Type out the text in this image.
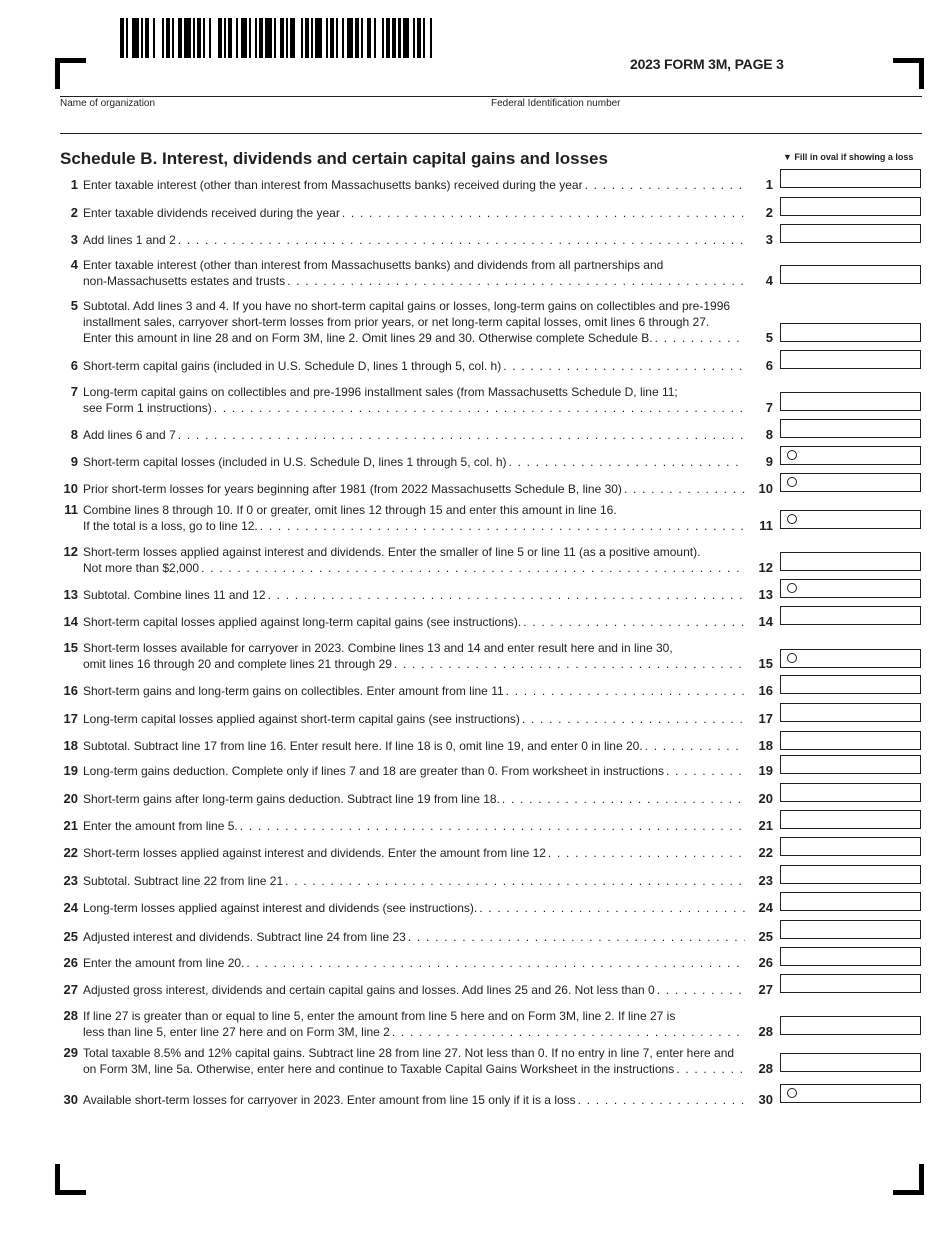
2023 FORM 3M, PAGE 3
Name of organization	Federal Identification number
Schedule B. Interest, dividends and certain capital gains and losses	▼ Fill in oval if showing a loss
1 Enter taxable interest (other than interest from Massachusetts banks) received during the year . . .	1
2 Enter taxable dividends received during the year . . .	2
3 Add lines 1 and 2 . . .	3
4 Enter taxable interest (other than interest from Massachusetts banks) and dividends from all partnerships and
non-Massachusetts estates and trusts . . .	4
5 Subtotal. Add lines 3 and 4. If you have no short-term capital gains or losses, long-term gains on collectibles and pre-1996
installment sales, carryover short-term losses from prior years, or net long-term capital losses, omit lines 6 through 27.
Enter this amount in line 28 and on Form 3M, line 2. Omit lines 29 and 30. Otherwise complete Schedule B. . . .	5
6 Short-term capital gains (included in U.S. Schedule D, lines 1 through 5, col. h) . . .	6
7 Long-term capital gains on collectibles and pre-1996 installment sales (from Massachusetts Schedule D, line 11;
see Form 1 instructions) . . .	7
8 Add lines 6 and 7 . . .	8
9 Short-term capital losses (included in U.S. Schedule D, lines 1 through 5, col. h) . . .	9
10 Prior short-term losses for years beginning after 1981 (from 2022 Massachusetts Schedule B, line 30) . . .	10
11 Combine lines 8 through 10. If 0 or greater, omit lines 12 through 15 and enter this amount in line 16.
If the total is a loss, go to line 12. . . .	11
12 Short-term losses applied against interest and dividends. Enter the smaller of line 5 or line 11 (as a positive amount).
Not more than $2,000 . . .	12
13 Subtotal. Combine lines 11 and 12 . . .	13
14 Short-term capital losses applied against long-term capital gains (see instructions). . . .	14
15 Short-term losses available for carryover in 2023. Combine lines 13 and 14 and enter result here and in line 30,
omit lines 16 through 20 and complete lines 21 through 29 . . .	15
16 Short-term gains and long-term gains on collectibles. Enter amount from line 11 . . .	16
17 Long-term capital losses applied against short-term capital gains (see instructions) . . .	17
18 Subtotal. Subtract line 17 from line 16. Enter result here. If line 18 is 0, omit line 19, and enter 0 in line 20. . . .	18
19 Long-term gains deduction. Complete only if lines 7 and 18 are greater than 0. From worksheet in instructions . . .	19
20 Short-term gains after long-term gains deduction. Subtract line 19 from line 18. . . .	20
21 Enter the amount from line 5. . . .	21
22 Short-term losses applied against interest and dividends. Enter the amount from line 12 . . .	22
23 Subtotal. Subtract line 22 from line 21 . . .	23
24 Long-term losses applied against interest and dividends (see instructions). . . .	24
25 Adjusted interest and dividends. Subtract line 24 from line 23 . . .	25
26 Enter the amount from line 20. . . .	26
27 Adjusted gross interest, dividends and certain capital gains and losses. Add lines 25 and 26. Not less than 0 . . .	27
28 If line 27 is greater than or equal to line 5, enter the amount from line 5 here and on Form 3M, line 2. If line 27 is
less than line 5, enter line 27 here and on Form 3M, line 2 . . .	28
29 Total taxable 8.5% and 12% capital gains. Subtract line 28 from line 27. Not less than 0. If no entry in line 7, enter here and
on Form 3M, line 5a. Otherwise, enter here and continue to Taxable Capital Gains Worksheet in the instructions . . .	28
30 Available short-term losses for carryover in 2023. Enter amount from line 15 only if it is a loss . . .	30
